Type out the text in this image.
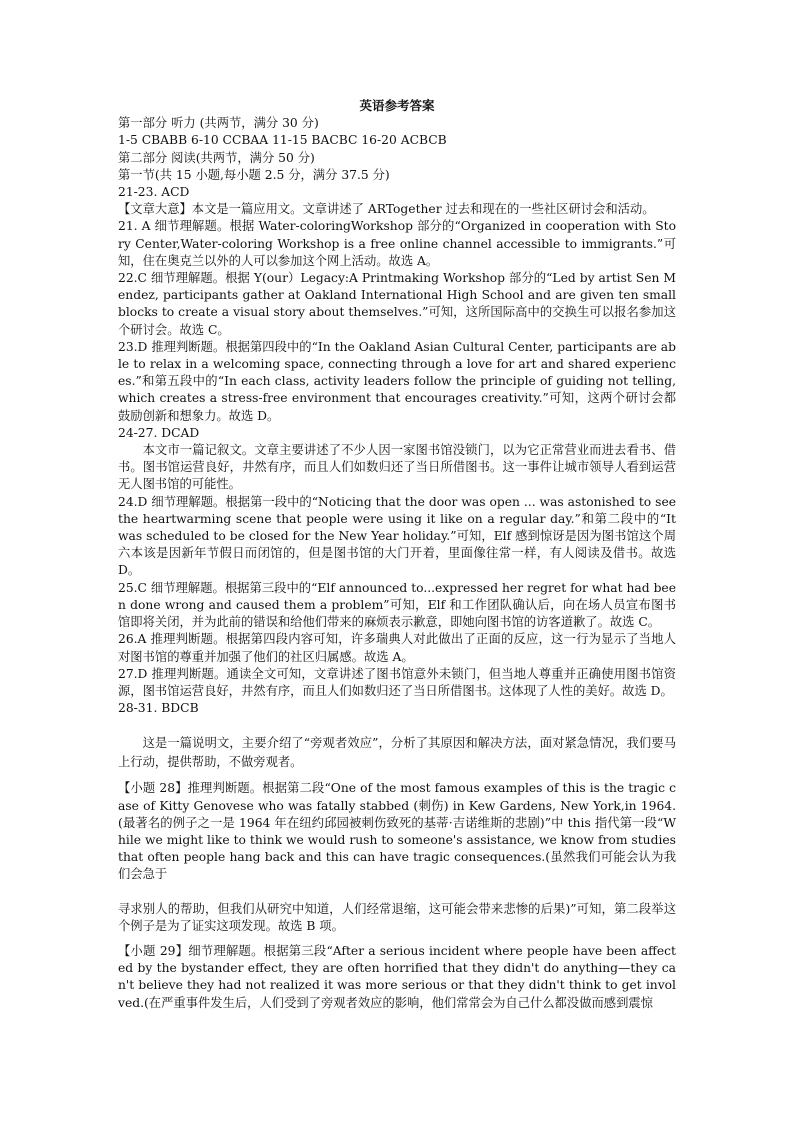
英语参考答案
第一部分 听力 (共两节，满分 30 分)
1-5 CBABB 6-10 CCBAA 11-15 BACBC 16-20 ACBCB
第二部分 阅读(共两节，满分 50 分)
第一节(共 15 小题,每小题 2.5 分，满分 37.5 分)
21-23. ACD
【文章大意】本文是一篇应用文。文章讲述了 ARTogether 过去和现在的一些社区研讨会和活动。
21. A 细节理解题。根据 Water-coloringWorkshop 部分的“Organized in cooperation with Story Center,Water-coloring Workshop is a free online channel accessible to immigrants.”可知，住在奥克兰以外的人可以参加这个网上活动。故选 A。
22.C 细节理解题。根据 Y(our）Legacy:A Printmaking Workshop 部分的“Led by artist Sen Mendez, participants gather at Oakland International High School and are given ten small blocks to create a visual story about themselves.”可知，这所国际高中的交换生可以报名参加这个研讨会。故选 C。
23.D 推理判断题。根据第四段中的“In the Oakland Asian Cultural Center, participants are able to relax in a welcoming space, connecting through a love for art and shared experiences.”和第五段中的“In each class, activity leaders follow the principle of guiding not telling, which creates a stress-free environment that encourages creativity.”可知，这两个研讨会都鼓励创新和想象力。故选 D。
24-27. DCAD
本文市一篇记叙文。文章主要讲述了不少人因一家图书馆没锁门，以为它正常营业而进去看书、借书。图书馆运营良好，井然有序，而且人们如数归还了当日所借图书。这一事件让城市领导人看到运营无人图书馆的可能性。
24.D 细节理解题。根据第一段中的“Noticing that the door was open ... was astonished to see the heartwarming scene that people were using it like on a regular day.”和第二段中的“It was scheduled to be closed for the New Year holiday.”可知，Elf 感到惊讶是因为图书馆这个周六本该是因新年节假日而闭馆的，但是图书馆的大门开着，里面像往常一样，有人阅读及借书。故选 D。
25.C 细节理解题。根据第三段中的“Elf announced to...expressed her regret for what had been done wrong and caused them a problem”可知，Elf 和工作团队确认后，向在场人员宣布图书馆即将关闭，并为此前的错误和给他们带来的麻烦表示歉意，即她向图书馆的访客道歉了。故选 C。
26.A 推理判断题。根据第四段内容可知，许多瑞典人对此做出了正面的反应，这一行为显示了当地人对图书馆的尊重并加强了他们的社区归属感。故选 A。
27.D 推理判断题。通读全文可知，文章讲述了图书馆意外未锁门，但当地人尊重并正确使用图书馆资源，图书馆运营良好，井然有序，而且人们如数归还了当日所借图书。这体现了人性的美好。故选 D。
28-31. BDCB
这是一篇说明文，主要介绍了“旁观者效应”，分析了其原因和解决方法，面对紧急情况，我们要马上行动，提供帮助，不做旁观者。
【小题 28】推理判断题。根据第二段“One of the most famous examples of this is the tragic case of Kitty Genovese who was fatally stabbed (刺伤) in Kew Gardens, New York,in 1964.(最著名的例子之一是 1964 年在纽约邱园被刺伤致死的基蒂·吉诺维斯的悲剧)”中 this 指代第一段“While we might like to think we would rush to someone's assistance, we know from studies that often people hang back and this can have tragic consequences.(虽然我们可能会认为我们会急于
寻求别人的帮助，但我们从研究中知道，人们经常退缩，这可能会带来悲惨的后果)”可知，第二段举这个例子是为了证实这项发现。故选 B 项。
【小题 29】细节理解题。根据第三段“After a serious incident where people have been affected by the bystander effect, they are often horrified that they didn't do anything—they can't believe they had not realized it was more serious or that they didn't think to get involved.(在严重事件发生后，人们受到了旁观者效应的影响，他们常常会为自己什么都没做而感到震惊
